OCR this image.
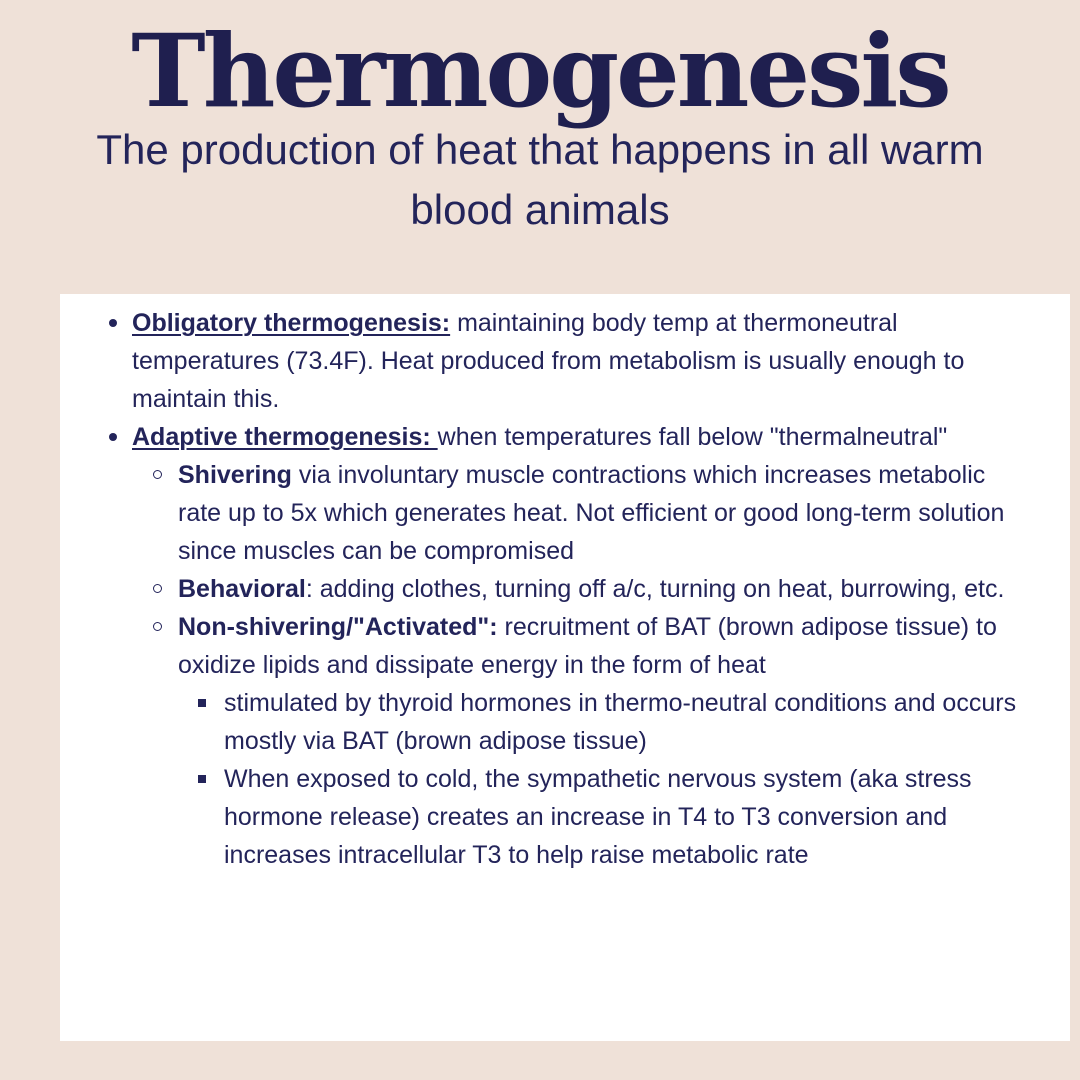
Thermogenesis
The production of heat that happens in all warm blood animals
Obligatory thermogenesis: maintaining body temp at thermoneutral temperatures (73.4F). Heat produced from metabolism is usually enough to maintain this.
Adaptive thermogenesis: when temperatures fall below "thermalneutral"
Shivering via involuntary muscle contractions which increases metabolic rate up to 5x which generates heat. Not efficient or good long-term solution since muscles can be compromised
Behavioral: adding clothes, turning off a/c, turning on heat, burrowing, etc.
Non-shivering/"Activated": recruitment of BAT (brown adipose tissue) to oxidize lipids and dissipate energy in the form of heat
stimulated by thyroid hormones in thermo-neutral conditions and occurs mostly via BAT (brown adipose tissue)
When exposed to cold, the sympathetic nervous system (aka stress hormone release) creates an increase in T4 to T3 conversion and increases intracellular T3 to help raise metabolic rate
